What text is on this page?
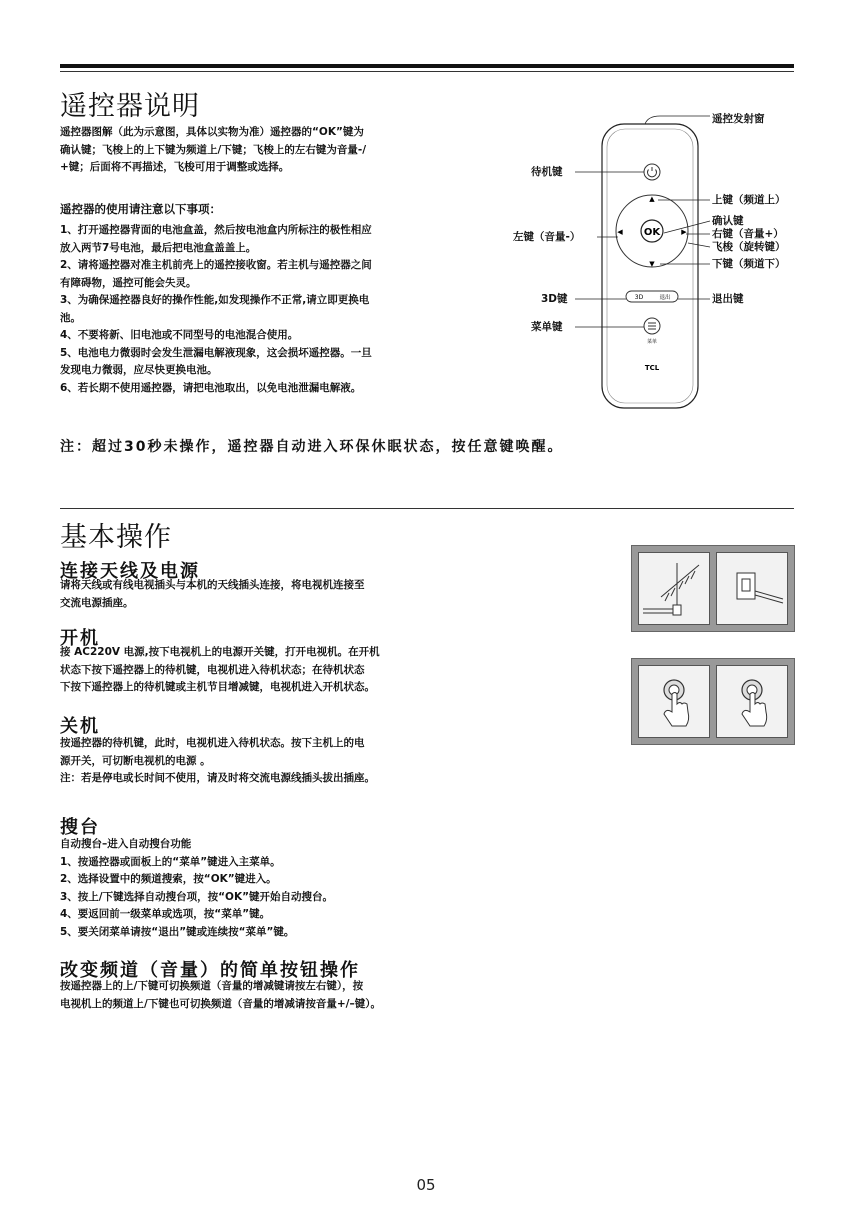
遥控器说明
遥控器图解（此为示意图，具体以实物为准）遥控器的“OK”键为
确认键；飞梭上的上下键为频道上/下键；飞梭上的左右键为音量-/
+键；后面将不再描述，飞梭可用于调整或选择。
遥控器的使用请注意以下事项：
1、打开遥控器背面的电池盒盖，然后按电池盒内所标注的极性相应
放入两节7号电池，最后把电池盒盖盖上。
2、请将遥控器对准主机前壳上的遥控接收窗。若主机与遥控器之间
有障碍物，遥控可能会失灵。
3、为确保遥控器良好的操作性能,如发现操作不正常,请立即更换电
池。
4、不要将新、旧电池或不同型号的电池混合使用。
5、电池电力微弱时会发生泄漏电解液现象，这会损坏遥控器。一旦
发现电力微弱，应尽快更换电池。
6、若长期不使用遥控器，请把电池取出，以免电池泄漏电解液。
OK
▲
▼
◀	▶
3D	退出
菜单
TCL
遥控发射窗
待机键
上键（频道上）
确认键
右键（音量+）
飞梭（旋转键）
下键（频道下）
左键（音量-）
3D键	退出键
菜单键
注：超过30秒未操作，遥控器自动进入环保休眠状态，按任意键唤醒。
基本操作
连接天线及电源
请将天线或有线电视插头与本机的天线插头连接，将电视机连接至
交流电源插座。
开机
接 AC220V 电源,按下电视机上的电源开关键，打开电视机。在开机
状态下按下遥控器上的待机键，电视机进入待机状态；在待机状态
下按下遥控器上的待机键或主机节目增减键，电视机进入开机状态。
关机
按遥控器的待机键，此时，电视机进入待机状态。按下主机上的电
源开关，可切断电视机的电源 。
注：若是停电或长时间不使用，请及时将交流电源线插头拔出插座。
搜台
自动搜台–进入自动搜台功能
1、按遥控器或面板上的“菜单”键进入主菜单。
2、选择设置中的频道搜索，按“OK”键进入。
3、按上/下键选择自动搜台项，按“OK”键开始自动搜台。
4、要返回前一级菜单或选项，按“菜单”键。
5、要关闭菜单请按“退出”键或连续按“菜单”键。
改变频道（音量）的简单按钮操作
按遥控器上的上/下键可切换频道（音量的增减键请按左右键），按
电视机上的频道上/下键也可切换频道（音量的增减请按音量+/–键）。
05
